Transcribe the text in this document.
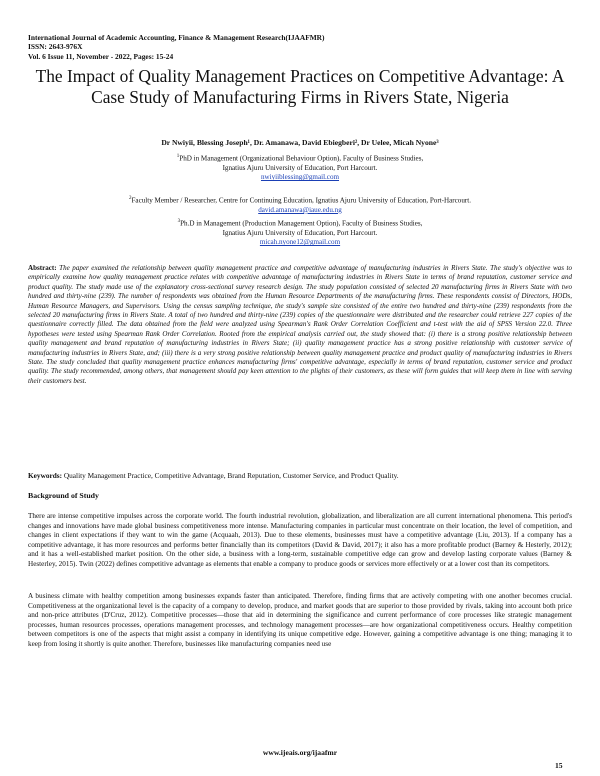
International Journal of Academic Accounting, Finance & Management Research(IJAAFMR)
ISSN: 2643-976X
Vol. 6 Issue 11, November - 2022, Pages: 15-24
The Impact of Quality Management Practices on Competitive Advantage: A Case Study of Manufacturing Firms in Rivers State, Nigeria
Dr Nwiyii, Blessing Joseph¹, Dr. Amanawa, David Ebiegberi², Dr Uelee, Micah Nyone³
$^1$PhD in Management (Organizational Behaviour Option), Faculty of Business Studies,
Ignatius Ajuru University of Education, Port Harcourt.
nwiyiiblessing@gmail.com
$^2$Faculty Member / Researcher, Centre for Continuing Education, Ignatius Ajuru University of Education, Port-Harcourt.
david.amanawa@iaue.edu.ng
$^3$Ph.D in Management (Production Management Option), Faculty of Business Studies,
Ignatius Ajuru University of Education, Port Harcourt.
micah.nyone12@gmail.com
Abstract: The paper examined the relationship between quality management practice and competitive advantage of manufacturing industries in Rivers State. The study's objective was to empirically examine how quality management practice relates with competitive advantage of manufacturing industries in Rivers State in terms of brand reputation, customer service and product quality. The study made use of the explanatory cross-sectional survey research design. The study population consisted of selected 20 manufacturing firms in Rivers State with two hundred and thirty-nine (239). The number of respondents was obtained from the Human Resource Departments of the manufacturing firms. These respondents consist of Directors, HODs, Human Resource Managers, and Supervisors. Using the census sampling technique, the study's sample size consisted of the entire two hundred and thirty-nine (239) respondents from the selected 20 manufacturing firms in Rivers State. A total of two hundred and thirty-nine (239) copies of the questionnaire were distributed and the researcher could retrieve 227 copies of the questionnaire correctly filled. The data obtained from the field were analyzed using Spearman's Rank Order Correlation Coefficient and t-test with the aid of SPSS Version 22.0. Three hypotheses were tested using Spearman Rank Order Correlation. Rooted from the empirical analysis carried out, the study showed that: (i) there is a strong positive relationship between quality management and brand reputation of manufacturing industries in Rivers State; (ii) quality management practice has a strong positive relationship with customer service of manufacturing industries in Rivers State, and; (iii) there is a very strong positive relationship between quality management practice and product quality of manufacturing industries in Rivers State. The study concluded that quality management practice enhances manufacturing firms' competitive advantage, especially in terms of brand reputation, customer service and product quality. The study recommended, among others, that management should pay keen attention to the plights of their customers, as these will form guides that will keep them in line with serving their customers best.
Keywords: Quality Management Practice, Competitive Advantage, Brand Reputation, Customer Service, and Product Quality.
Background of Study
There are intense competitive impulses across the corporate world. The fourth industrial revolution, globalization, and liberalization are all current international phenomena. This period's changes and innovations have made global business competitiveness more intense. Manufacturing companies in particular must concentrate on their location, the level of competition, and changes in client expectations if they want to win the game (Acquaah, 2013). Due to these elements, businesses must have a competitive advantage (Liu, 2013). If a company has a competitive advantage, it has more resources and performs better financially than its competitors (David & David, 2017); it also has a more profitable product (Barney & Hesterly, 2012); and it has a well-established market position. On the other side, a business with a long-term, sustainable competitive edge can grow and develop lasting corporate values (Barney & Hesterley, 2015). Twin (2022) defines competitive advantage as elements that enable a company to produce goods or services more effectively or at a lower cost than its competitors.
A business climate with healthy competition among businesses expands faster than anticipated. Therefore, finding firms that are actively competing with one another becomes crucial. Competitiveness at the organizational level is the capacity of a company to develop, produce, and market goods that are superior to those provided by rivals, taking into account both price and non-price attributes (D'Cruz, 2012). Competitive processes—those that aid in determining the significance and current performance of core processes like strategic management processes, human resources processes, operations management processes, and technology management processes—are how organizational competitiveness occurs. Healthy competition between competitors is one of the aspects that might assist a company in identifying its unique competitive edge. However, gaining a competitive advantage is one thing; managing it to keep from losing it shortly is quite another. Therefore, businesses like manufacturing companies need use
www.ijeais.org/ijaafmr
15
